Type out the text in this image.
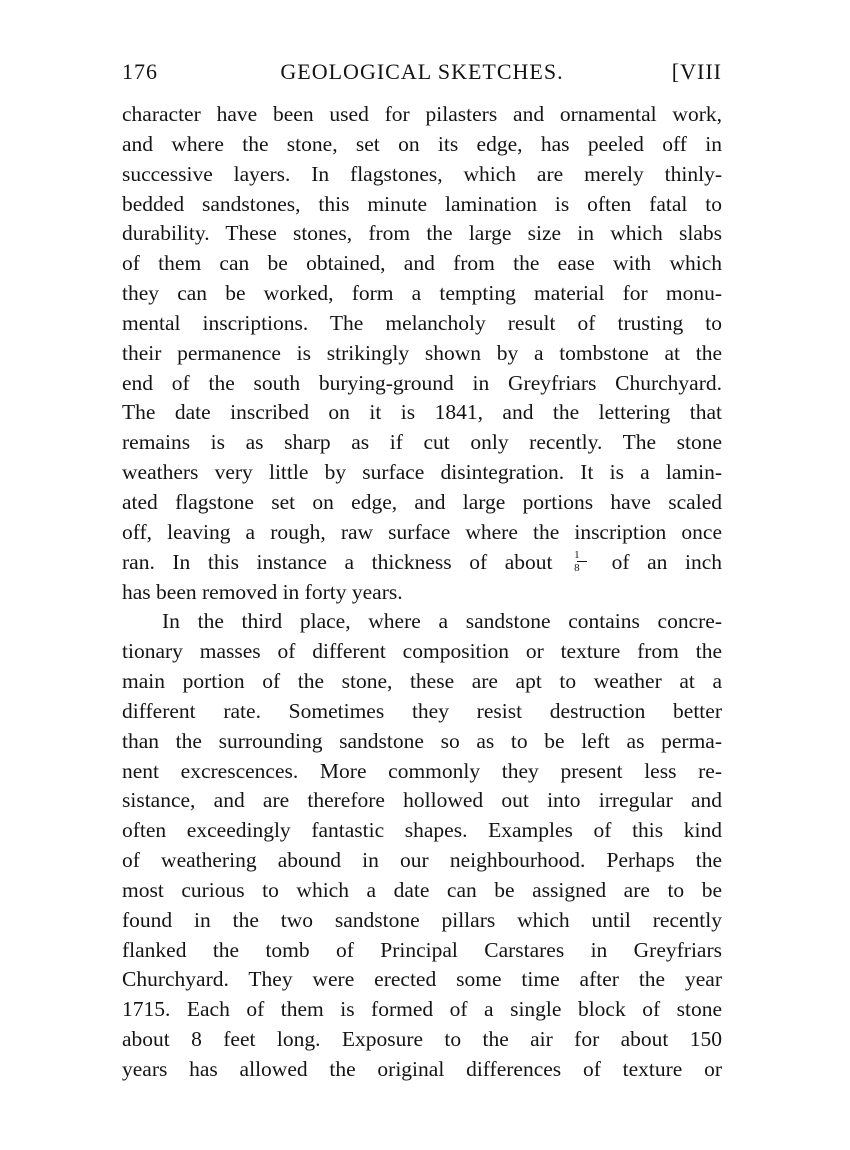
176	GEOLOGICAL SKETCHES.	[VIII
character have been used for pilasters and ornamental work,
and where the stone, set on its edge, has peeled off in
successive layers. In flagstones, which are merely thinly-
bedded sandstones, this minute lamination is often fatal to
durability. These stones, from the large size in which slabs
of them can be obtained, and from the ease with which
they can be worked, form a tempting material for monu-
mental inscriptions. The melancholy result of trusting to
their permanence is strikingly shown by a tombstone at the
end of the south burying-ground in Greyfriars Churchyard.
The date inscribed on it is 1841, and the lettering that
remains is as sharp as if cut only recently. The stone
weathers very little by surface disintegration. It is a lamin-
ated flagstone set on edge, and large portions have scaled
off, leaving a rough, raw surface where the inscription once
ran. In this instance a thickness of about $\frac{1}{8}$ of an inch
has been removed in forty years.
In the third place, where a sandstone contains concre-
tionary masses of different composition or texture from the
main portion of the stone, these are apt to weather at a
different rate. Sometimes they resist destruction better
than the surrounding sandstone so as to be left as perma-
nent excrescences. More commonly they present less re-
sistance, and are therefore hollowed out into irregular and
often exceedingly fantastic shapes. Examples of this kind
of weathering abound in our neighbourhood. Perhaps the
most curious to which a date can be assigned are to be
found in the two sandstone pillars which until recently
flanked the tomb of Principal Carstares in Greyfriars
Churchyard. They were erected some time after the year
1715. Each of them is formed of a single block of stone
about 8 feet long. Exposure to the air for about 150
years has allowed the original differences of texture or
